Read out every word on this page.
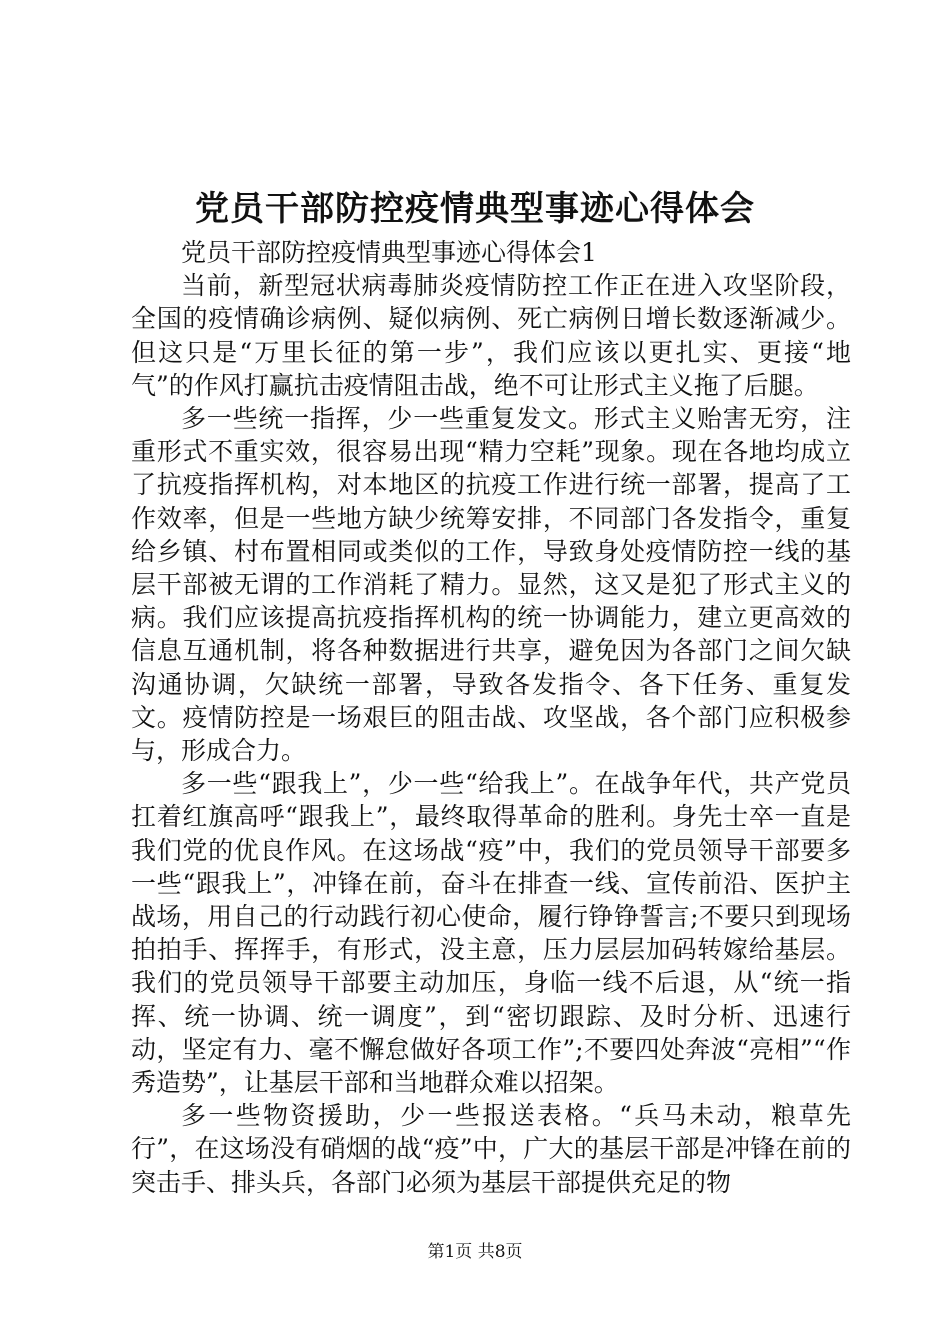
党员干部防控疫情典型事迹心得体会

党员干部防控疫情典型事迹心得体会1

当前，新型冠状病毒肺炎疫情防控工作正在进入攻坚阶段，全国的疫情确诊病例、疑似病例、死亡病例日增长数逐渐减少。但这只是“万里长征的第一步”，我们应该以更扎实、更接“地气”的作风打赢抗击疫情阻击战，绝不可让形式主义拖了后腿。

多一些统一指挥，少一些重复发文。形式主义贻害无穷，注重形式不重实效，很容易出现“精力空耗”现象。现在各地均成立了抗疫指挥机构，对本地区的抗疫工作进行统一部署，提高了工作效率，但是一些地方缺少统筹安排，不同部门各发指令，重复给乡镇、村布置相同或类似的工作，导致身处疫情防控一线的基层干部被无谓的工作消耗了精力。显然，这又是犯了形式主义的病。我们应该提高抗疫指挥机构的统一协调能力，建立更高效的信息互通机制，将各种数据进行共享，避免因为各部门之间欠缺沟通协调，欠缺统一部署，导致各发指令、各下任务、重复发文。疫情防控是一场艰巨的阻击战、攻坚战，各个部门应积极参与，形成合力。

多一些“跟我上”，少一些“给我上”。在战争年代，共产党员扛着红旗高呼“跟我上”，最终取得革命的胜利。身先士卒一直是我们党的优良作风。在这场战“疫”中，我们的党员领导干部要多一些“跟我上”，冲锋在前，奋斗在排查一线、宣传前沿、医护主战场，用自己的行动践行初心使命，履行铮铮誓言;不要只到现场拍拍手、挥挥手，有形式，没主意，压力层层加码转嫁给基层。我们的党员领导干部要主动加压，身临一线不后退，从“统一指挥、统一协调、统一调度”，到“密切跟踪、及时分析、迅速行动，坚定有力、毫不懈怠做好各项工作”;不要四处奔波“亮相”“作秀造势”，让基层干部和当地群众难以招架。

多一些物资援助，少一些报送表格。“兵马未动，粮草先行”，在这场没有硝烟的战“疫”中，广大的基层干部是冲锋在前的突击手、排头兵，各部门必须为基层干部提供充足的物

第1页 共8页
